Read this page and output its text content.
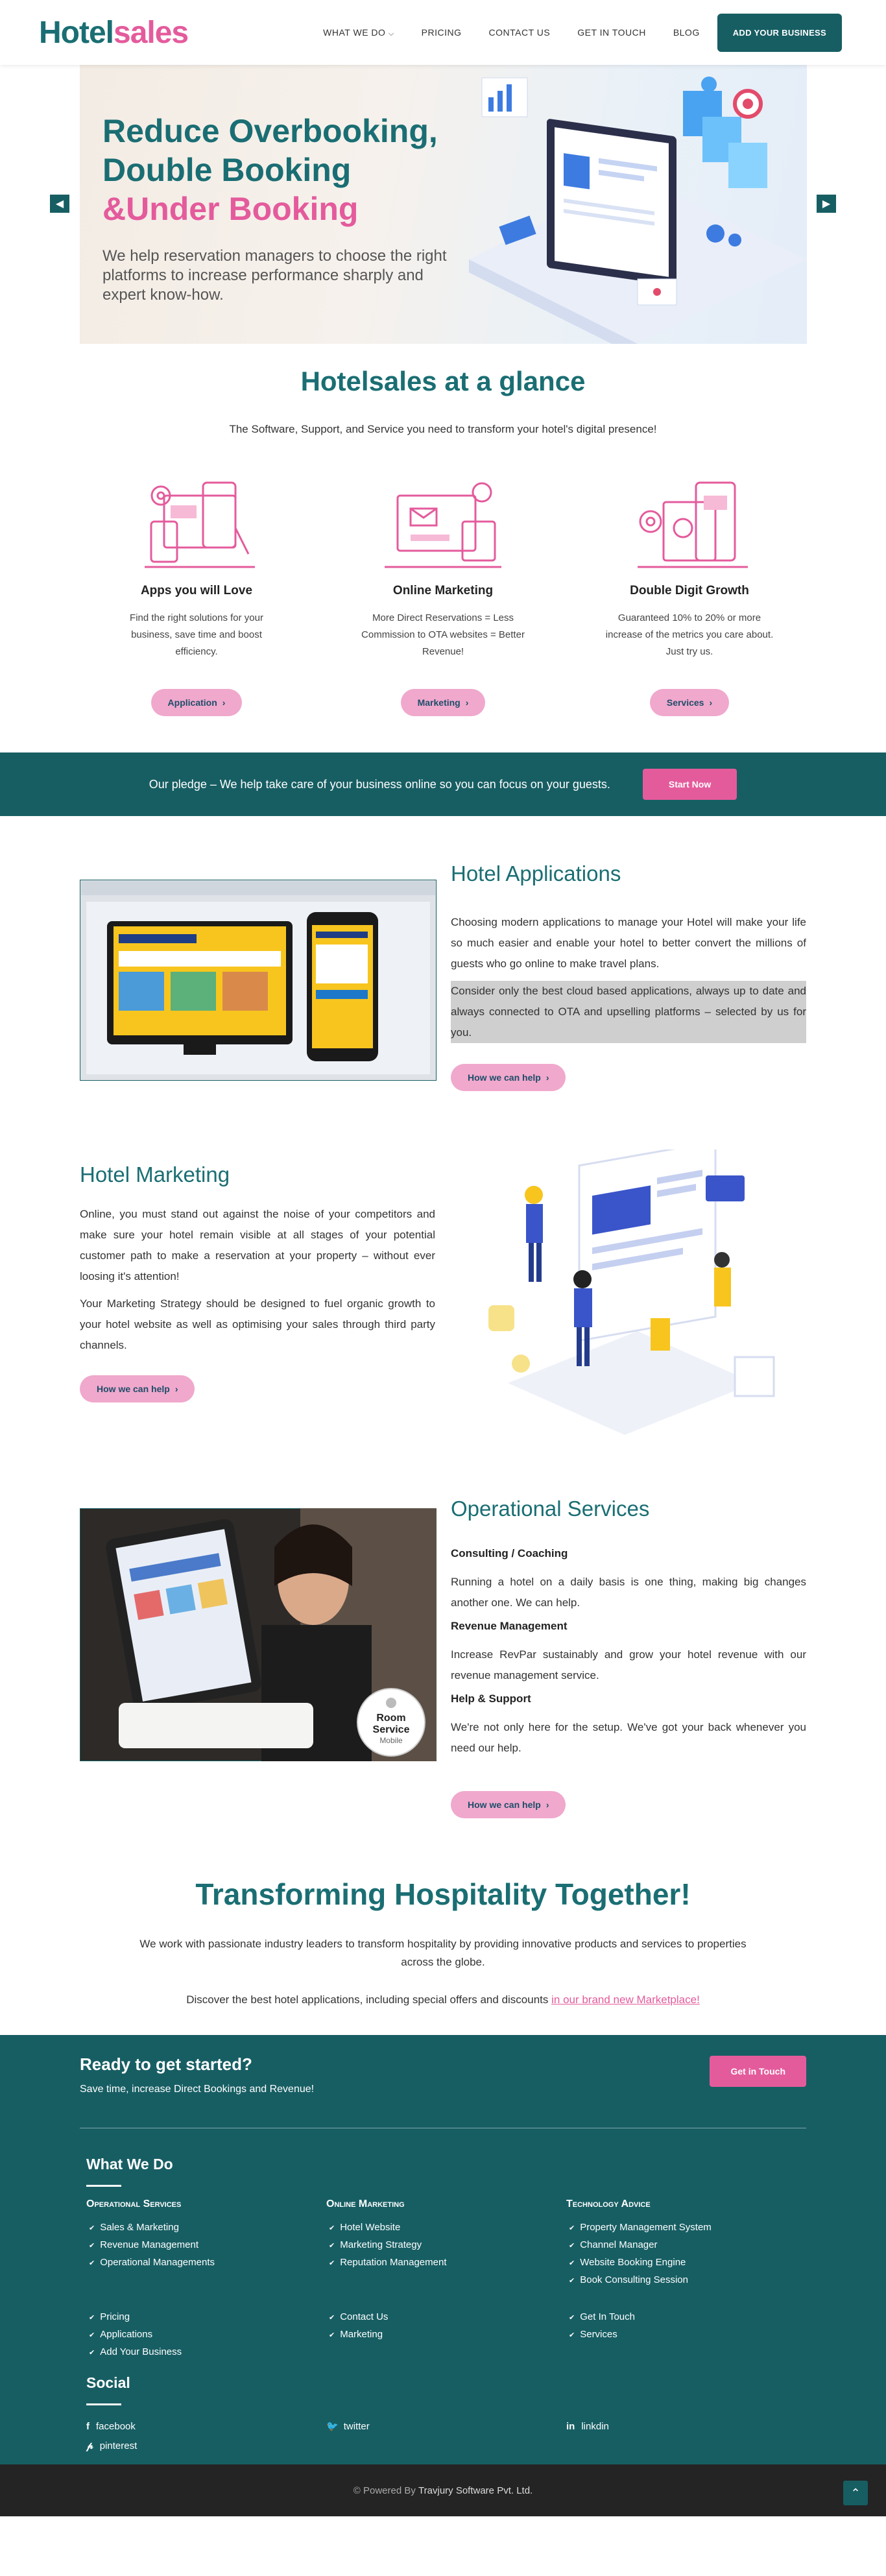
Hotel sales	WHAT WE DO ⌵	PRICING	CONTACT US	GET IN TOUCH	BLOG	ADD YOUR BUSINESS
◀
Reduce Overbooking,
Double Booking
&Under Booking
We help reservation managers to choose the right platforms to increase performance sharply and expert know-how.
▶
Hotelsales at a glance

The Software, Support, and Service you need to transform your hotel's digital presence!

Apps you will Love

Find the right solutions for your business, save time and boost efficiency.

Application ›
Online Marketing

More Direct Reservations = Less Commission to OTA websites = Better Revenue!

Marketing ›
Double Digit Growth

Guaranteed 10% to 20% or more increase of the metrics you care about. Just try us.

Services ›
Our pledge – We help take care of your business online so you can focus on your guests.	Start Now
Hotel Applications

Choosing modern applications to manage your Hotel will make your life so much easier and enable your hotel to better convert the millions of guests who go online to make travel plans.

Consider only the best cloud based applications, always up to date and always connected to OTA and upselling platforms – selected by us for you.

How we can help ›
Hotel Marketing

Online, you must stand out against the noise of your competitors and make sure your hotel remain visible at all stages of your potential customer path to make a reservation at your property – without ever loosing it's attention!

Your Marketing Strategy should be designed to fuel organic growth to your hotel website as well as optimising your sales through third party channels.

How we can help ›
Room
Service
Mobile
Operational Services
Consulting / Coaching

Running a hotel on a daily basis is one thing, making big changes another one. We can help.

Revenue Management

Increase RevPar sustainably and grow your hotel revenue with our revenue management service.

Help & Support

We're not only here for the setup. We've got your back whenever you need our help.

How we can help ›
Transforming Hospitality Together!

We work with passionate industry leaders to transform hospitality by providing innovative products and services to properties across the globe.

Discover the best hotel applications, including special offers and discounts in our brand new Marketplace!

Ready to get started?
Save time, increase Direct Bookings and Revenue!
Get in Touch
What We Do
Operational Services
✔ Sales & Marketing
✔ Revenue Management
✔ Operational Managements
Online Marketing
✔ Hotel Website
✔ Marketing Strategy
✔ Reputation Management
Technology Advice
✔ Property Management System
✔ Channel Manager
✔ Website Booking Engine
✔ Book Consulting Session
✔ Pricing
✔ Applications
✔ Add Your Business
✔ Contact Us
✔ Marketing
✔ Get In Touch
✔ Services
Social
f facebook
𝓅 pinterest
🐦 twitter	in linkdin
© Powered By
Travjury Software Pvt. Ltd.	⌃
